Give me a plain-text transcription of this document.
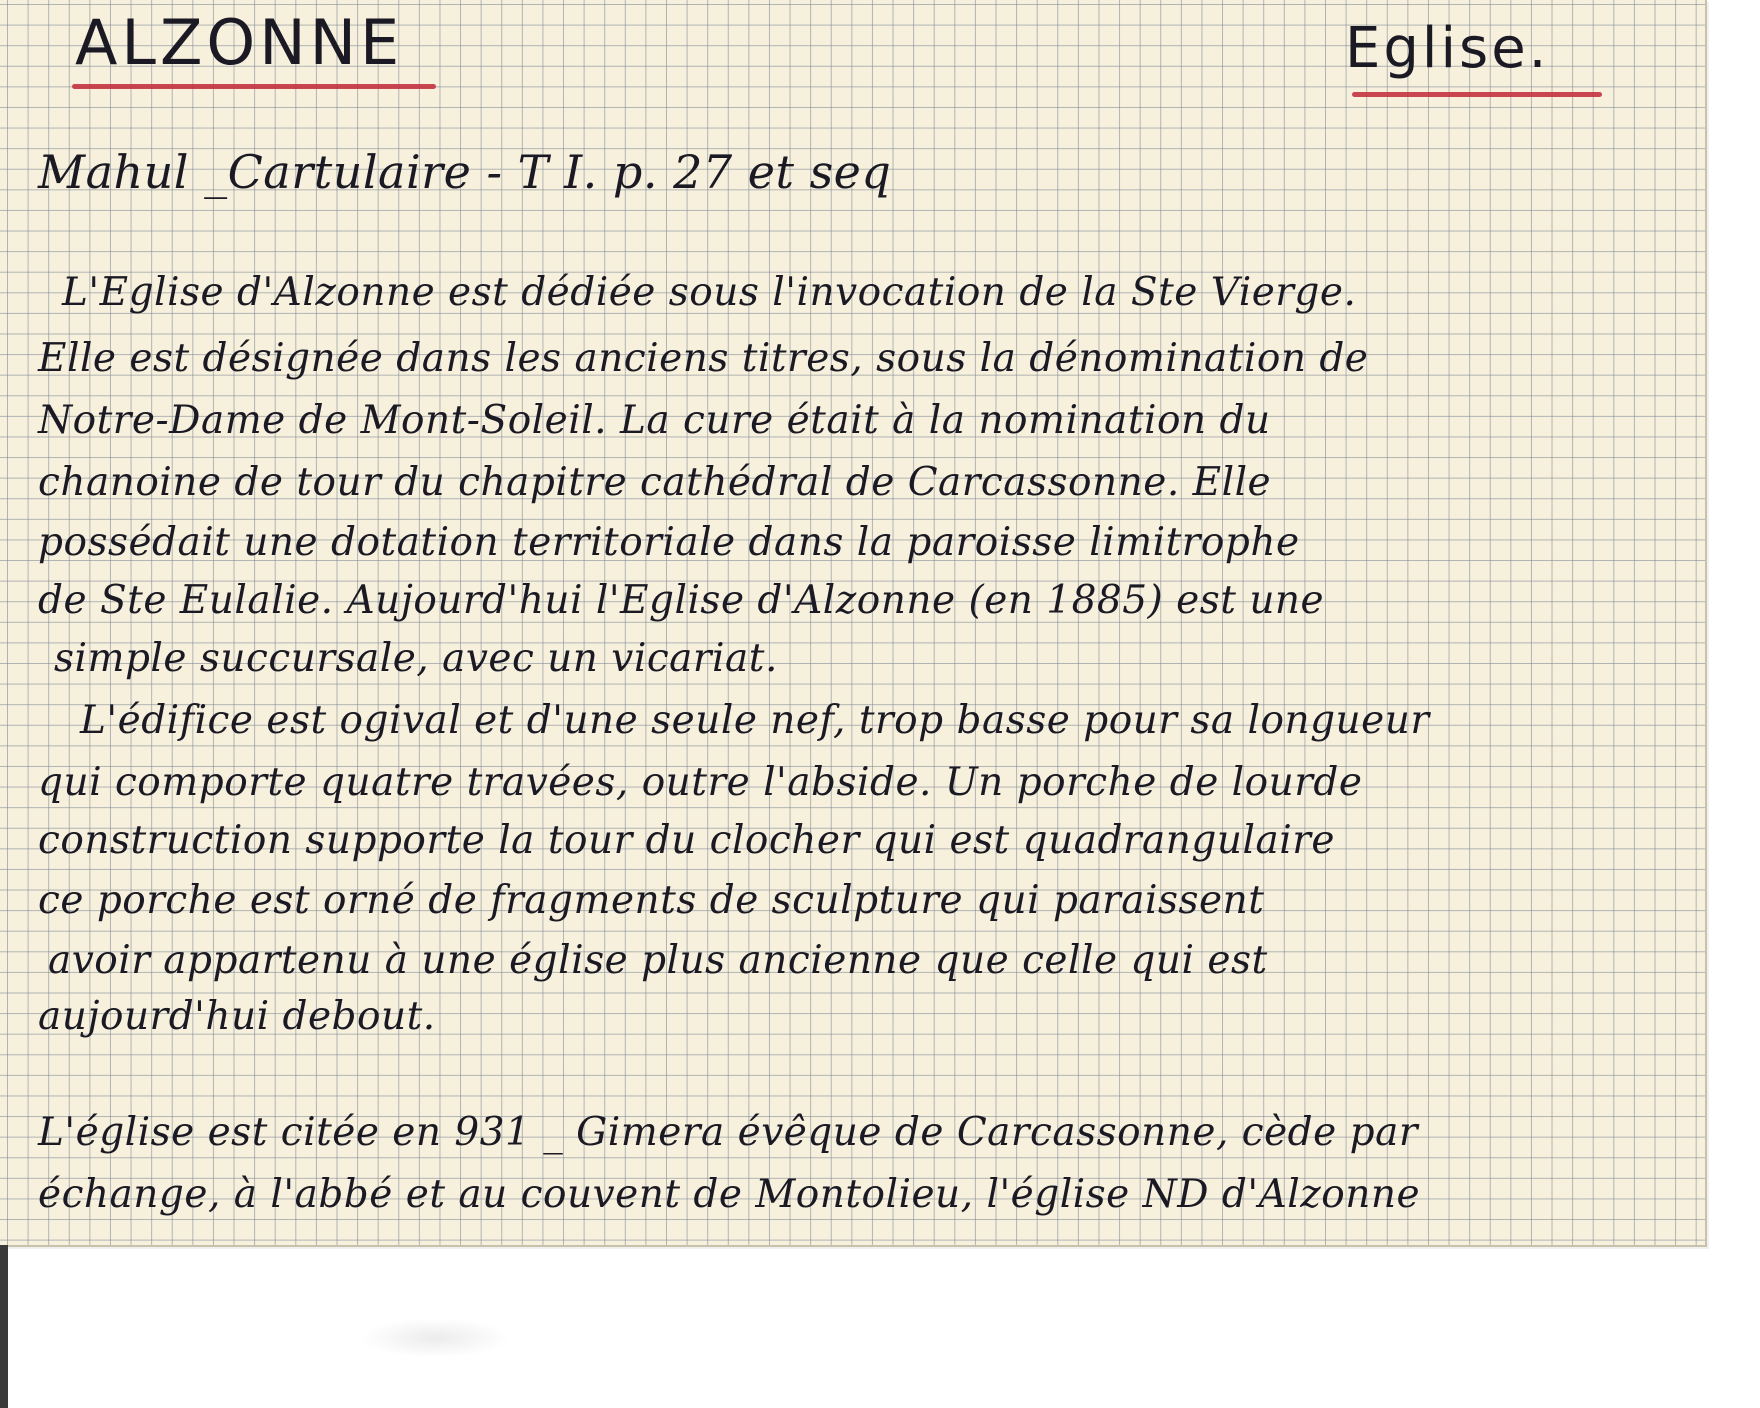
ALZONNE	Eglise.
Mahul _Cartulaire - T I. p. 27 et seq
L'Eglise d'Alzonne est dédiée sous l'invocation de la Ste Vierge.
Elle est désignée dans les anciens titres, sous la dénomination de
Notre-Dame de Mont-Soleil. La cure était à la nomination du
chanoine de tour du chapitre cathédral de Carcassonne. Elle
possédait une dotation territoriale dans la paroisse limitrophe
de Ste Eulalie. Aujourd'hui l'Eglise d'Alzonne (en 1885) est une
simple succursale, avec un vicariat.
L'édifice est ogival et d'une seule nef, trop basse pour sa longueur
qui comporte quatre travées, outre l'abside. Un porche de lourde
construction supporte la tour du clocher qui est quadrangulaire
ce porche est orné de fragments de sculpture qui paraissent
avoir appartenu à une église plus ancienne que celle qui est
aujourd'hui debout.
L'église est citée en 931 _ Gimera évêque de Carcassonne, cède par
échange, à l'abbé et au couvent de Montolieu, l'église ND d'Alzonne
